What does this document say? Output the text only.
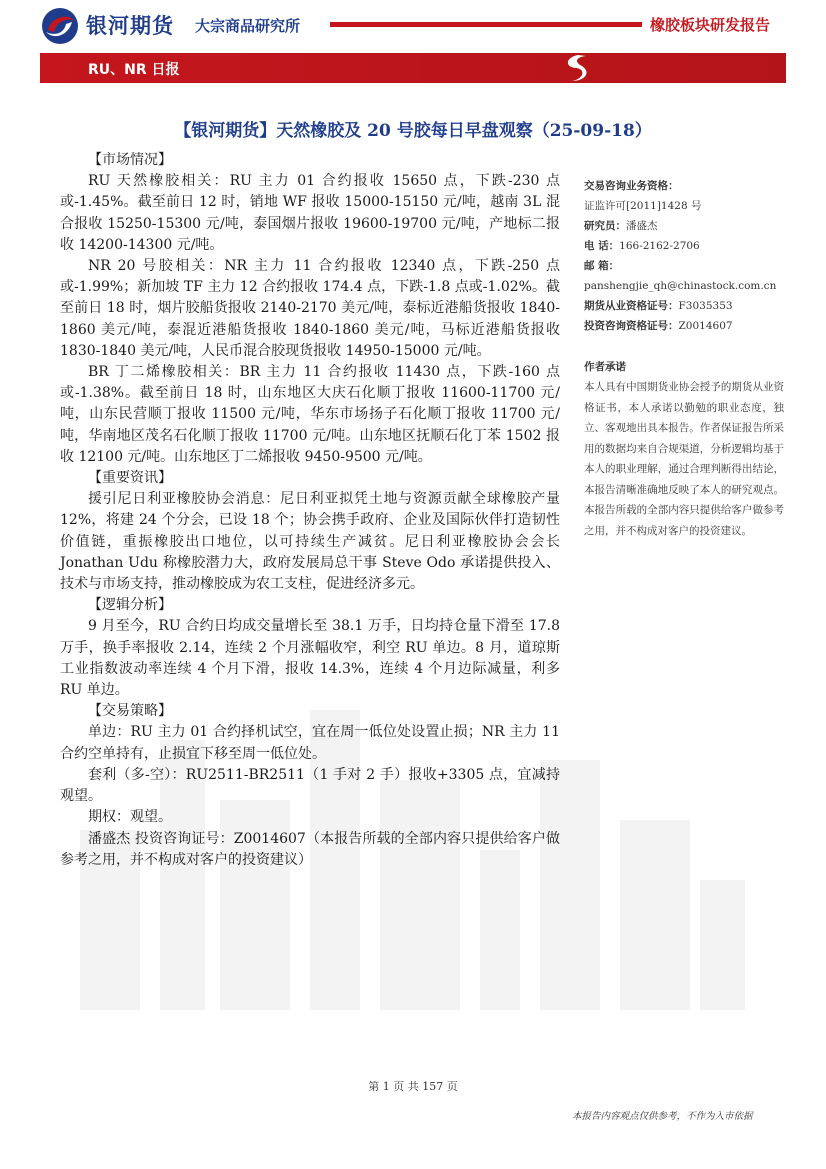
银河期货 大宗商品研究所	橡胶板块研发报告
RU、NR 日报
【银河期货】天然橡胶及 20 号胶每日早盘观察（25-09-18）
【市场情况】

RU 天然橡胶相关：RU 主力 01 合约报收 15650 点，下跌-230 点或-1.45%。截至前日 12 时，销地 WF 报收 15000-15150 元/吨，越南 3L 混合报收 15250-15300 元/吨，泰国烟片报收 19600-19700 元/吨，产地标二报收 14200-14300 元/吨。

NR 20 号胶相关：NR 主力 11 合约报收 12340 点，下跌-250 点或-1.99%；新加坡 TF 主力 12 合约报收 174.4 点，下跌-1.8 点或-1.02%。截至前日 18 时，烟片胶船货报收 2140-2170 美元/吨，泰标近港船货报收 1840-1860 美元/吨，泰混近港船货报收 1840-1860 美元/吨，马标近港船货报收 1830-1840 美元/吨，人民币混合胶现货报收 14950-15000 元/吨。

BR 丁二烯橡胶相关：BR 主力 11 合约报收 11430 点，下跌-160 点或-1.38%。截至前日 18 时，山东地区大庆石化顺丁报收 11600-11700 元/吨，山东民营顺丁报收 11500 元/吨，华东市场扬子石化顺丁报收 11700 元/吨，华南地区茂名石化顺丁报收 11700 元/吨。山东地区抚顺石化丁苯 1502 报收 12100 元/吨。山东地区丁二烯报收 9450-9500 元/吨。

【重要资讯】

援引尼日利亚橡胶协会消息：尼日利亚拟凭土地与资源贡献全球橡胶产量 12%，将建 24 个分会，已设 18 个；协会携手政府、企业及国际伙伴打造韧性价值链，重振橡胶出口地位，以可持续生产减贫。尼日利亚橡胶协会会长 Jonathan Udu 称橡胶潜力大，政府发展局总干事 Steve Odo 承诺提供投入、技术与市场支持，推动橡胶成为农工支柱，促进经济多元。

【逻辑分析】

9 月至今，RU 合约日均成交量增长至 38.1 万手，日均持仓量下滑至 17.8 万手，换手率报收 2.14，连续 2 个月涨幅收窄，利空 RU 单边。8 月，道琼斯工业指数波动率连续 4 个月下滑，报收 14.3%，连续 4 个月边际减量，利多 RU 单边。

【交易策略】

单边：RU 主力 01 合约择机试空，宜在周一低位处设置止损；NR 主力 11 合约空单持有，止损宜下移至周一低位处。

套利（多-空）：RU2511-BR2511（1 手对 2 手）报收+3305 点，宜减持观望。

期权：观望。

潘盛杰 投资咨询证号：Z0014607（本报告所载的全部内容只提供给客户做参考之用，并不构成对客户的投资建议）

交易咨询业务资格：
证监许可[2011]1428 号
研究员：潘盛杰
电 话：166-2162-2706
邮 箱：
panshengjie_qh@chinastock.com.cn
期货从业资格证号：F3035353
投资咨询资格证号：Z0014607
作者承诺
本人具有中国期货业协会授予的期货从业资格证书，本人承诺以勤勉的职业态度，独立、客观地出具本报告。作者保证报告所采用的数据均来自合规渠道，分析逻辑均基于本人的职业理解，通过合理判断得出结论，本报告清晰准确地反映了本人的研究观点。本报告所载的全部内容只提供给客户做参考之用，并不构成对客户的投资建议。
第 1 页 共 157 页
本报告内容观点仅供参考，不作为入市依据
